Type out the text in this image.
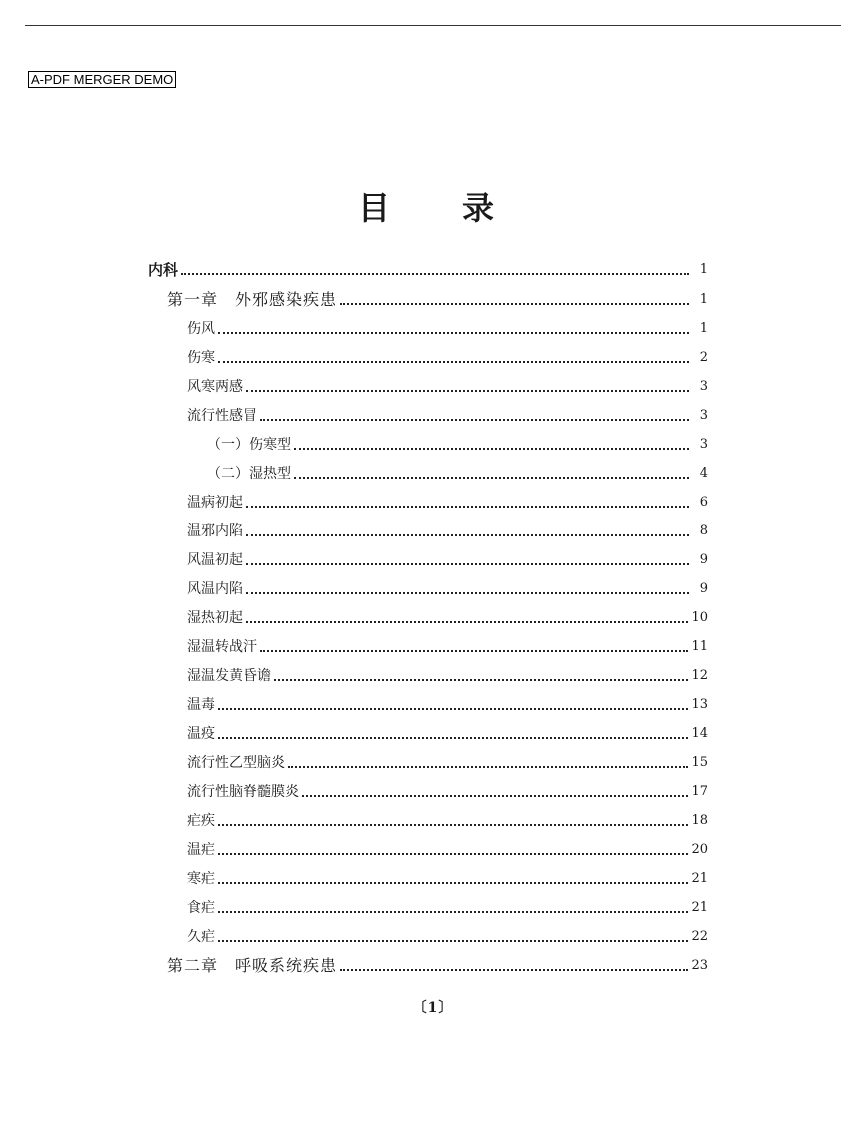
A-PDF MERGER DEMO
目 录
内科	1
第一章　外邪感染疾患	1
伤风	1
伤寒	2
风寒两感	3
流行性感冒	3
（一）伤寒型	3
（二）湿热型	4
温病初起	6
温邪内陷	8
风温初起	9
风温内陷	9
湿热初起	10
湿温转战汗	11
湿温发黄昏谵	12
温毒	13
温疫	14
流行性乙型脑炎	15
流行性脑脊髓膜炎	17
疟疾	18
温疟	20
寒疟	21
食疟	21
久疟	22
第二章　呼吸系统疾患	23
〔1〕
